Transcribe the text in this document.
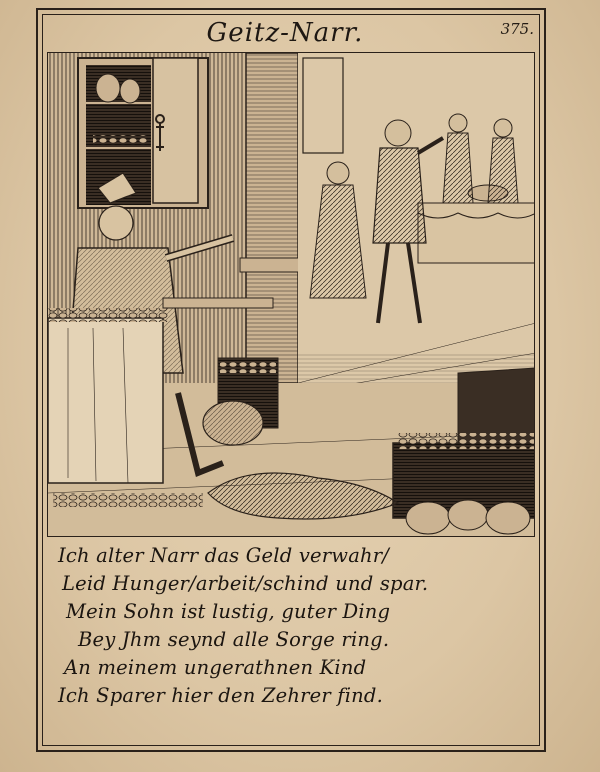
Geitz-Narr.	375.
Ich alter Narr das Geld verwahr/
Leid Hunger/arbeit/schind und spar.
Mein Sohn ist lustig, guter Ding
Bey Jhm seynd alle Sorge ring.
An meinem ungerathnen Kind
Ich Sparer hier den Zehrer find.
